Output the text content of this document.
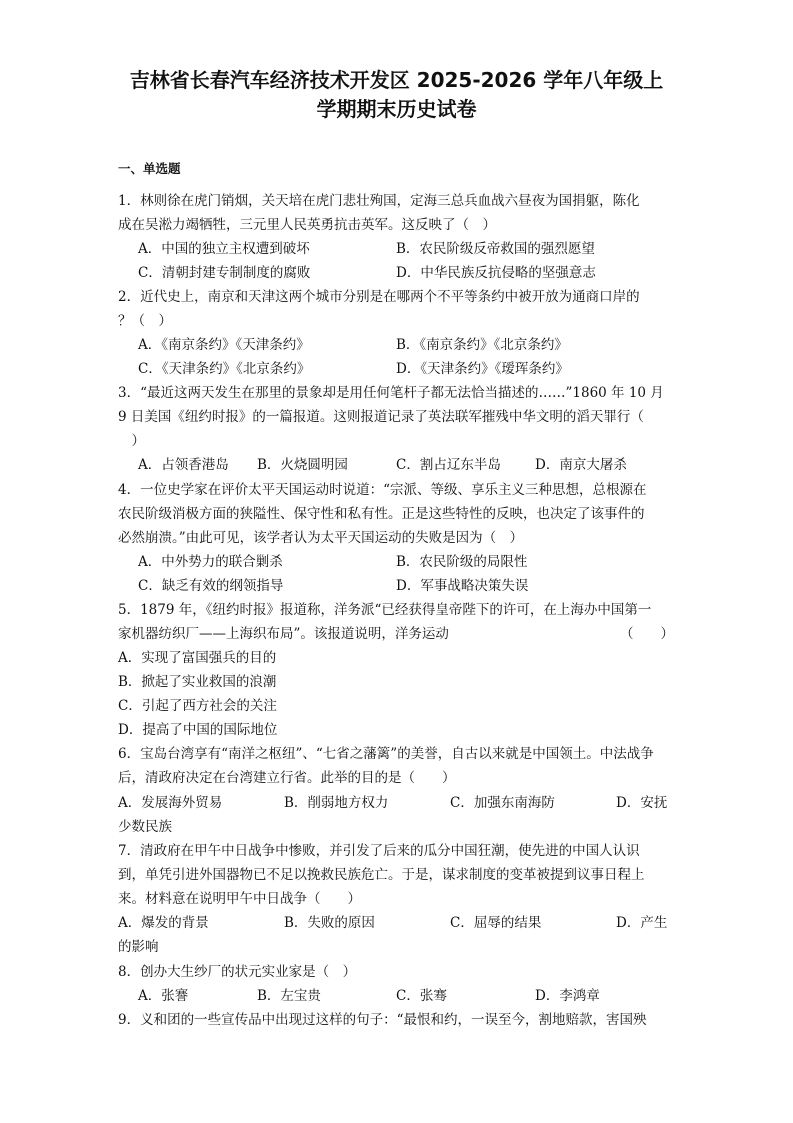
吉林省长春汽车经济技术开发区 2025-2026 学年八年级上
学期期末历史试卷
一、单选题
1．林则徐在虎门销烟，关天培在虎门悲壮殉国，定海三总兵血战六昼夜为国捐躯，陈化
成在吴淞力竭牺牲，三元里人民英勇抗击英军。这反映了（　）
A．中国的独立主权遭到破坏	B．农民阶级反帝救国的强烈愿望
C．清朝封建专制制度的腐败	D．中华民族反抗侵略的坚强意志
2．近代史上，南京和天津这两个城市分别是在哪两个不平等条约中被开放为通商口岸的
？（　）
A．《南京条约》《天津条约》	B．《南京条约》《北京条约》
C．《天津条约》《北京条约》	D．《天津条约》《瑷珲条约》
3．“最近这两天发生在那里的景象却是用任何笔杆子都无法恰当描述的……”1860 年 10 月
9 日美国《纽约时报》的一篇报道。这则报道记录了英法联军摧残中华文明的滔天罪行（
　）
A．占领香港岛 B．火烧圆明园	C．割占辽东半岛	D．南京大屠杀
4．一位史学家在评价太平天国运动时说道：“宗派、等级、享乐主义三种思想，总根源在
农民阶级消极方面的狭隘性、保守性和私有性。正是这些特性的反映，也决定了该事件的
必然崩溃。”由此可见，该学者认为太平天国运动的失败是因为（　）
A．中外势力的联合剿杀	B．农民阶级的局限性
C．缺乏有效的纲领指导	D．军事战略决策失误
5．1879 年，《纽约时报》报道称，洋务派“已经获得皇帝陛下的许可，在上海办中国第一
家机器纺织厂——上海织布局”。该报道说明，洋务运动	（　　）
A．实现了富国强兵的目的
B．掀起了实业救国的浪潮
C．引起了西方社会的关注
D．提高了中国的国际地位
6．宝岛台湾享有“南洋之枢纽”、“七省之藩篱”的美誉，自古以来就是中国领土。中法战争
后，清政府决定在台湾建立行省。此举的目的是（　　）
A．发展海外贸易	B．削弱地方权力	C．加强东南海防	D．安抚
少数民族
7．清政府在甲午中日战争中惨败，并引发了后来的瓜分中国狂潮，使先进的中国人认识
到，单凭引进外国器物已不足以挽救民族危亡。于是，谋求制度的变革被提到议事日程上
来。材料意在说明甲午中日战争（　　）
A．爆发的背景	B．失败的原因	C．屈辱的结果	D．产生
的影响
8．创办大生纱厂的状元实业家是（　）
A．张謇	B．左宝贵	C．张骞	D．李鸿章
9．义和团的一些宣传品中出现过这样的句子：“最恨和约，一误至今，割地赔款，害国殃
